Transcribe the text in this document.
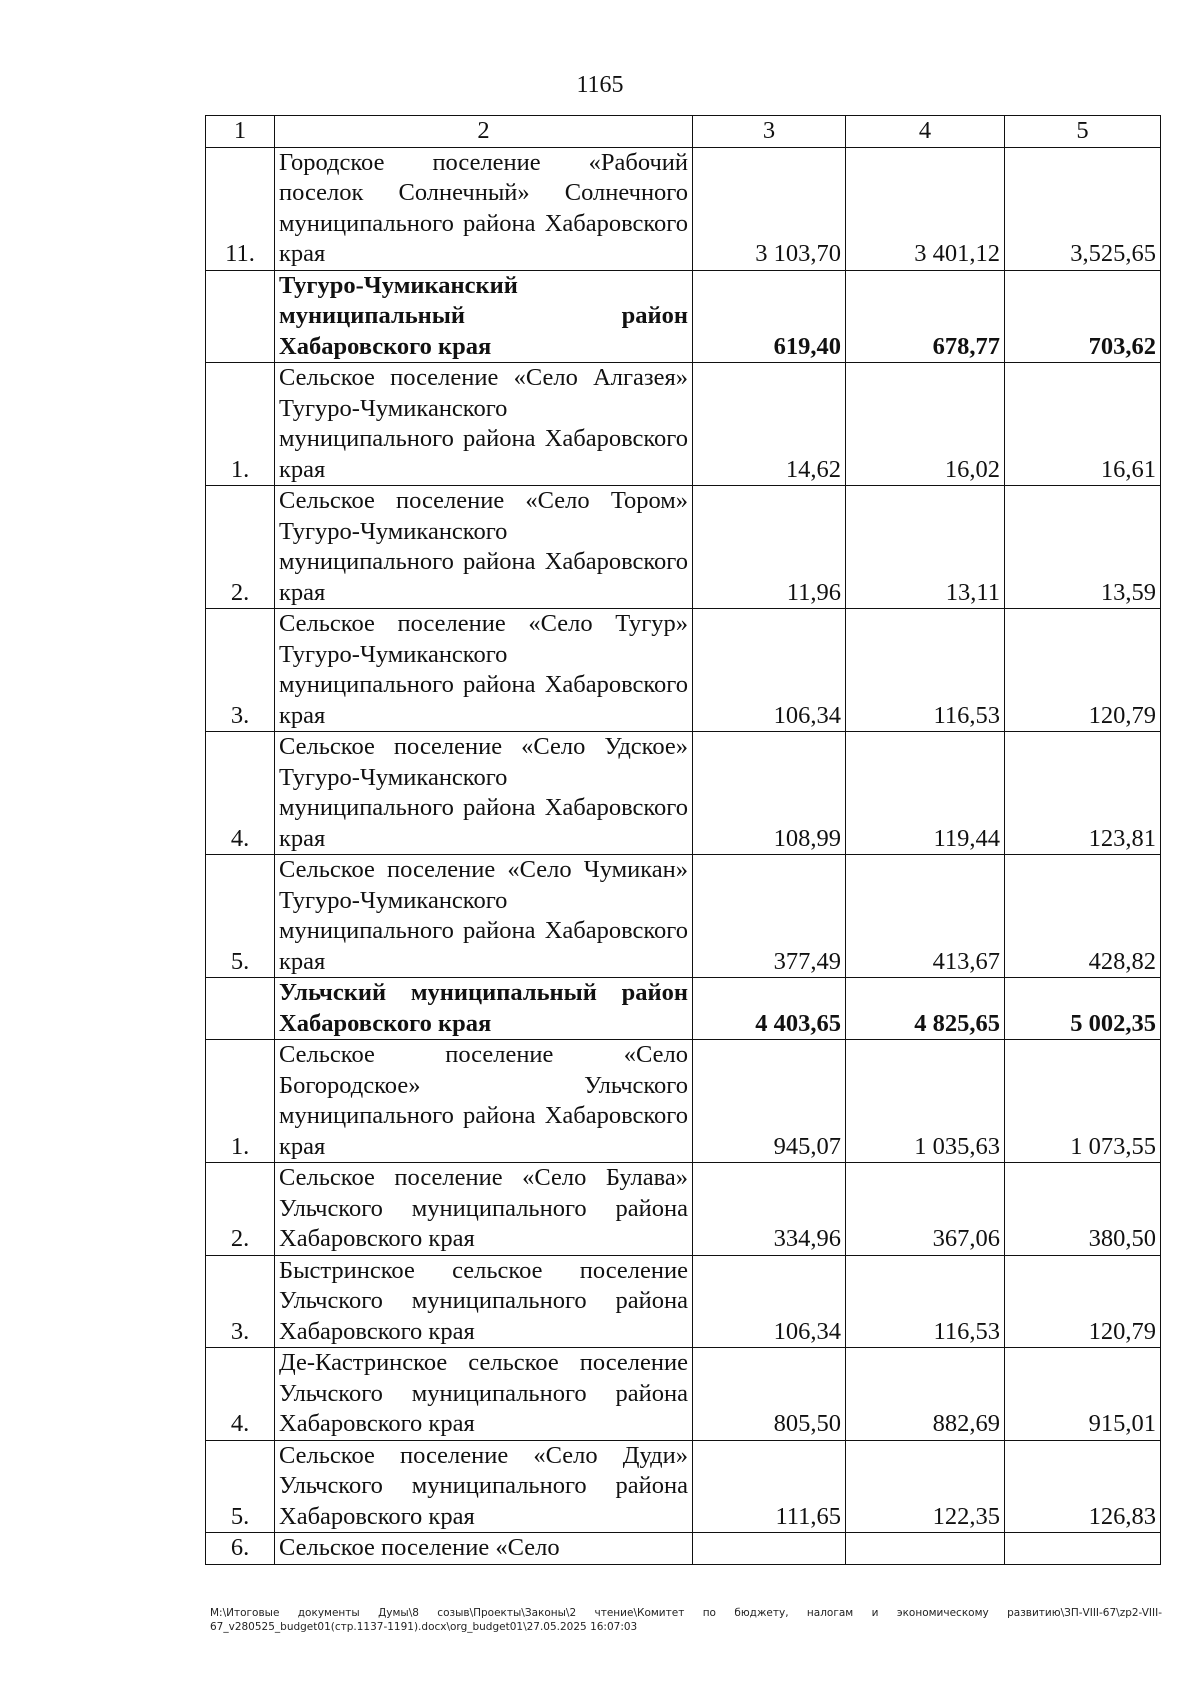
1165
1	2	3	4	5
11.	Городское поселение «Рабочий поселок Солнечный» Солнечного муниципального района Хабаровского края	3 103,70	3 401,12	3,525,65
	Тугуро-Чумиканский муниципальный район Хабаровского края	619,40	678,77	703,62
1.	Сельское поселение «Село Алгазея» Тугуро-Чумиканского муниципального района Хабаровского края	14,62	16,02	16,61
2.	Сельское поселение «Село Тором» Тугуро-Чумиканского муниципального района Хабаровского края	11,96	13,11	13,59
3.	Сельское поселение «Село Тугур» Тугуро-Чумиканского муниципального района Хабаровского края	106,34	116,53	120,79
4.	Сельское поселение «Село Удское» Тугуро-Чумиканского муниципального района Хабаровского края	108,99	119,44	123,81
5.	Сельское поселение «Село Чумикан» Тугуро-Чумиканского муниципального района Хабаровского края	377,49	413,67	428,82
	Ульчский муниципальный район Хабаровского края	4 403,65	4 825,65	5 002,35
1.	Сельское поселение «Село Богородское» Ульчского муниципального района Хабаровского края	945,07	1 035,63	1 073,55
2.	Сельское поселение «Село Булава» Ульчского муниципального района Хабаровского края	334,96	367,06	380,50
3.	Быстринское сельское поселение Ульчского муниципального района Хабаровского края	106,34	116,53	120,79
4.	Де-Кастринское сельское поселение Ульчского муниципального района Хабаровского края	805,50	882,69	915,01
5.	Сельское поселение «Село Дуди» Ульчского муниципального района Хабаровского края	111,65	122,35	126,83
6.	Сельское поселение «Село			
M:\Итоговые документы Думы\8 созыв\Проекты\Законы\2 чтение\Комитет по бюджету, налогам и экономическому развитию\ЗП-VIII-67\zp2-VIII-67_v280525_budget01(стр.1137-1191).docx\org_budget01\27.05.2025 16:07:03
